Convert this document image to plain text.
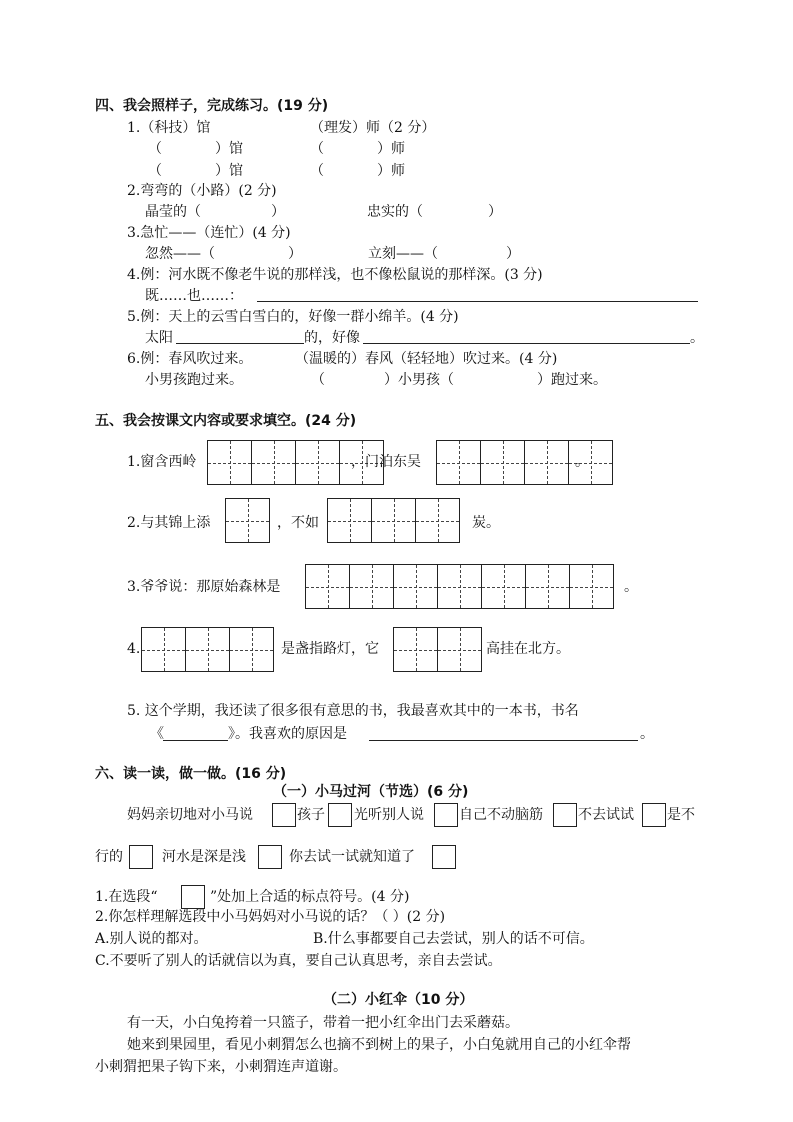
四、我会照样子，完成练习。(19 分)
1.（科技）馆	（理发）师（2 分）
（	）馆	（	）师
（	）馆	（	）师
2.弯弯的（小路）(2 分)
晶莹的（	）	忠实的（	）
3.急忙——（连忙）(4 分)
忽然——（	）	立刻——（	）
4.例：河水既不像老牛说的那样浅，也不像松鼠说的那样深。(3 分)
既……也……：
5.例：天上的云雪白雪白的，好像一群小绵羊。(4 分)
太阳	的，好像	。
6.例：春风吹过来。	（温暖的）春风（轻轻地）吹过来。(4 分)
小男孩跑过来。	（	）小男孩（	）跑过来。
五、我会按课文内容或要求填空。(24 分)
1.窗含西岭	，门泊东吴	。
2.与其锦上添	，不如	炭。
3.爷爷说：那原始森林是	。
4.	是盏指路灯，它	高挂在北方。
5. 这个学期，我还读了很多很有意思的书，我最喜欢其中的一本书，书名
《	》。我喜欢的原因是	。
六、读一读，做一做。(16 分)
（一）小马过河（节选）(6 分)
妈妈亲切地对小马说	孩子 光听别人说	自己不动脑筋	不去试试 是不
行的	河水是深是浅	你去试一试就知道了
1.在选段“	”处加上合适的标点符号。(4 分)
2.你怎样理解选段中小马妈妈对小马说的话？（ ）(2 分)
A.别人说的都对。	B.什么事都要自己去尝试，别人的话不可信。
C.不要听了别人的话就信以为真，要自己认真思考，亲自去尝试。
（二）小红伞（10 分）
有一天，小白兔挎着一只篮子，带着一把小红伞出门去采蘑菇。
她来到果园里，看见小刺猬怎么也摘不到树上的果子，小白兔就用自己的小红伞帮
小刺猬把果子钩下来，小刺猬连声道谢。
